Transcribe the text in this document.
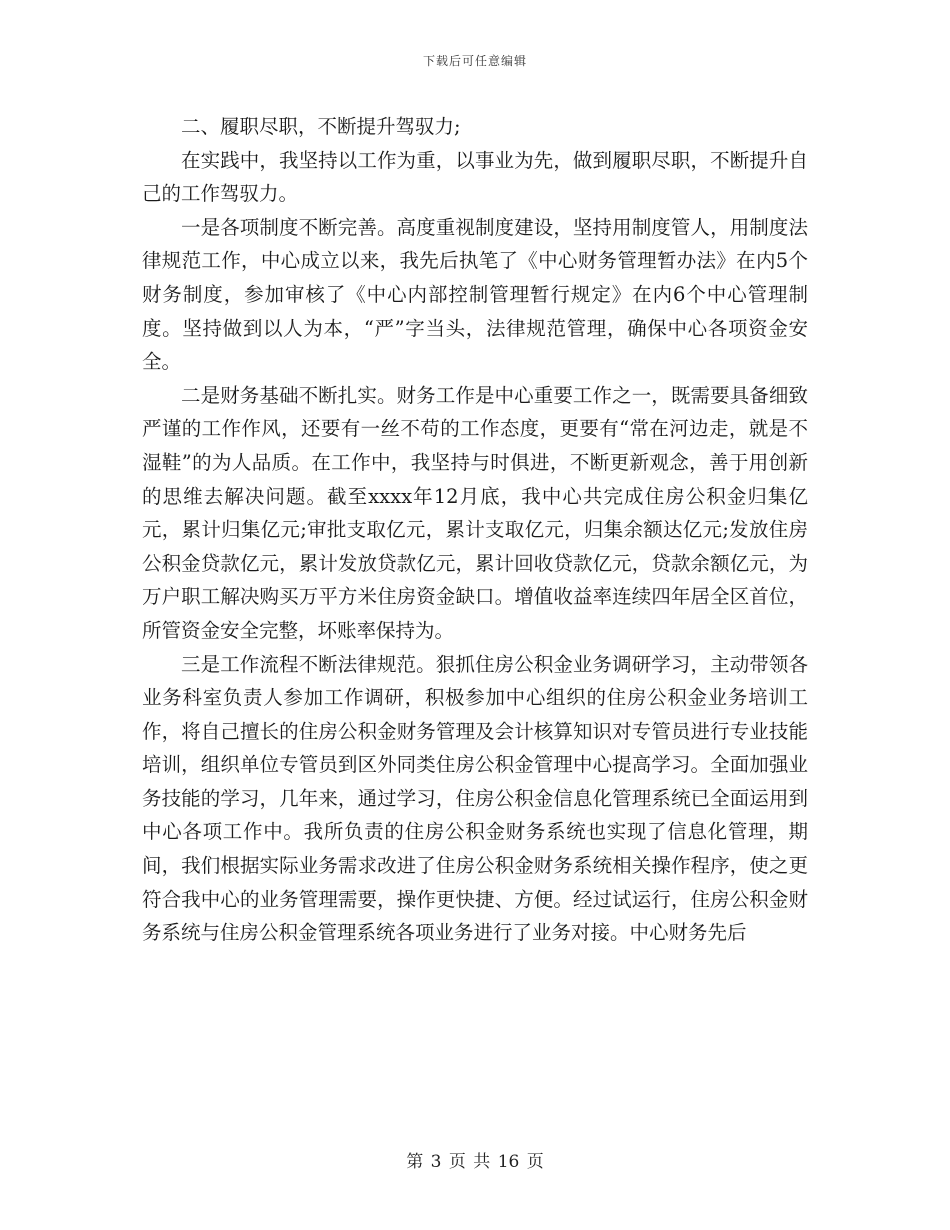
下载后可任意编辑

二、履职尽职，不断提升驾驭力;

在实践中，我坚持以工作为重，以事业为先，做到履职尽职，不断提升自己的工作驾驭力。

一是各项制度不断完善。高度重视制度建设，坚持用制度管人，用制度法律规范工作，中心成立以来，我先后执笔了《中心财务管理暂办法》在内5个财务制度，参加审核了《中心内部控制管理暂行规定》在内6个中心管理制度。坚持做到以人为本，“严”字当头，法律规范管理，确保中心各项资金安全。

二是财务基础不断扎实。财务工作是中心重要工作之一，既需要具备细致严谨的工作作风，还要有一丝不苟的工作态度，更要有“常在河边走，就是不湿鞋”的为人品质。在工作中，我坚持与时俱进，不断更新观念，善于用创新的思维去解决问题。截至xxxx年12月底，我中心共完成住房公积金归集亿元，累计归集亿元;审批支取亿元，累计支取亿元，归集余额达亿元;发放住房公积金贷款亿元，累计发放贷款亿元，累计回收贷款亿元，贷款余额亿元，为万户职工解决购买万平方米住房资金缺口。增值收益率连续四年居全区首位，所管资金安全完整，坏账率保持为。

三是工作流程不断法律规范。狠抓住房公积金业务调研学习，主动带领各业务科室负责人参加工作调研，积极参加中心组织的住房公积金业务培训工作，将自己擅长的住房公积金财务管理及会计核算知识对专管员进行专业技能培训，组织单位专管员到区外同类住房公积金管理中心提高学习。全面加强业务技能的学习，几年来，通过学习，住房公积金信息化管理系统已全面运用到中心各项工作中。我所负责的住房公积金财务系统也实现了信息化管理，期间，我们根据实际业务需求改进了住房公积金财务系统相关操作程序，使之更符合我中心的业务管理需要，操作更快捷、方便。经过试运行，住房公积金财务系统与住房公积金管理系统各项业务进行了业务对接。中心财务先后

第 3 页 共 16 页
